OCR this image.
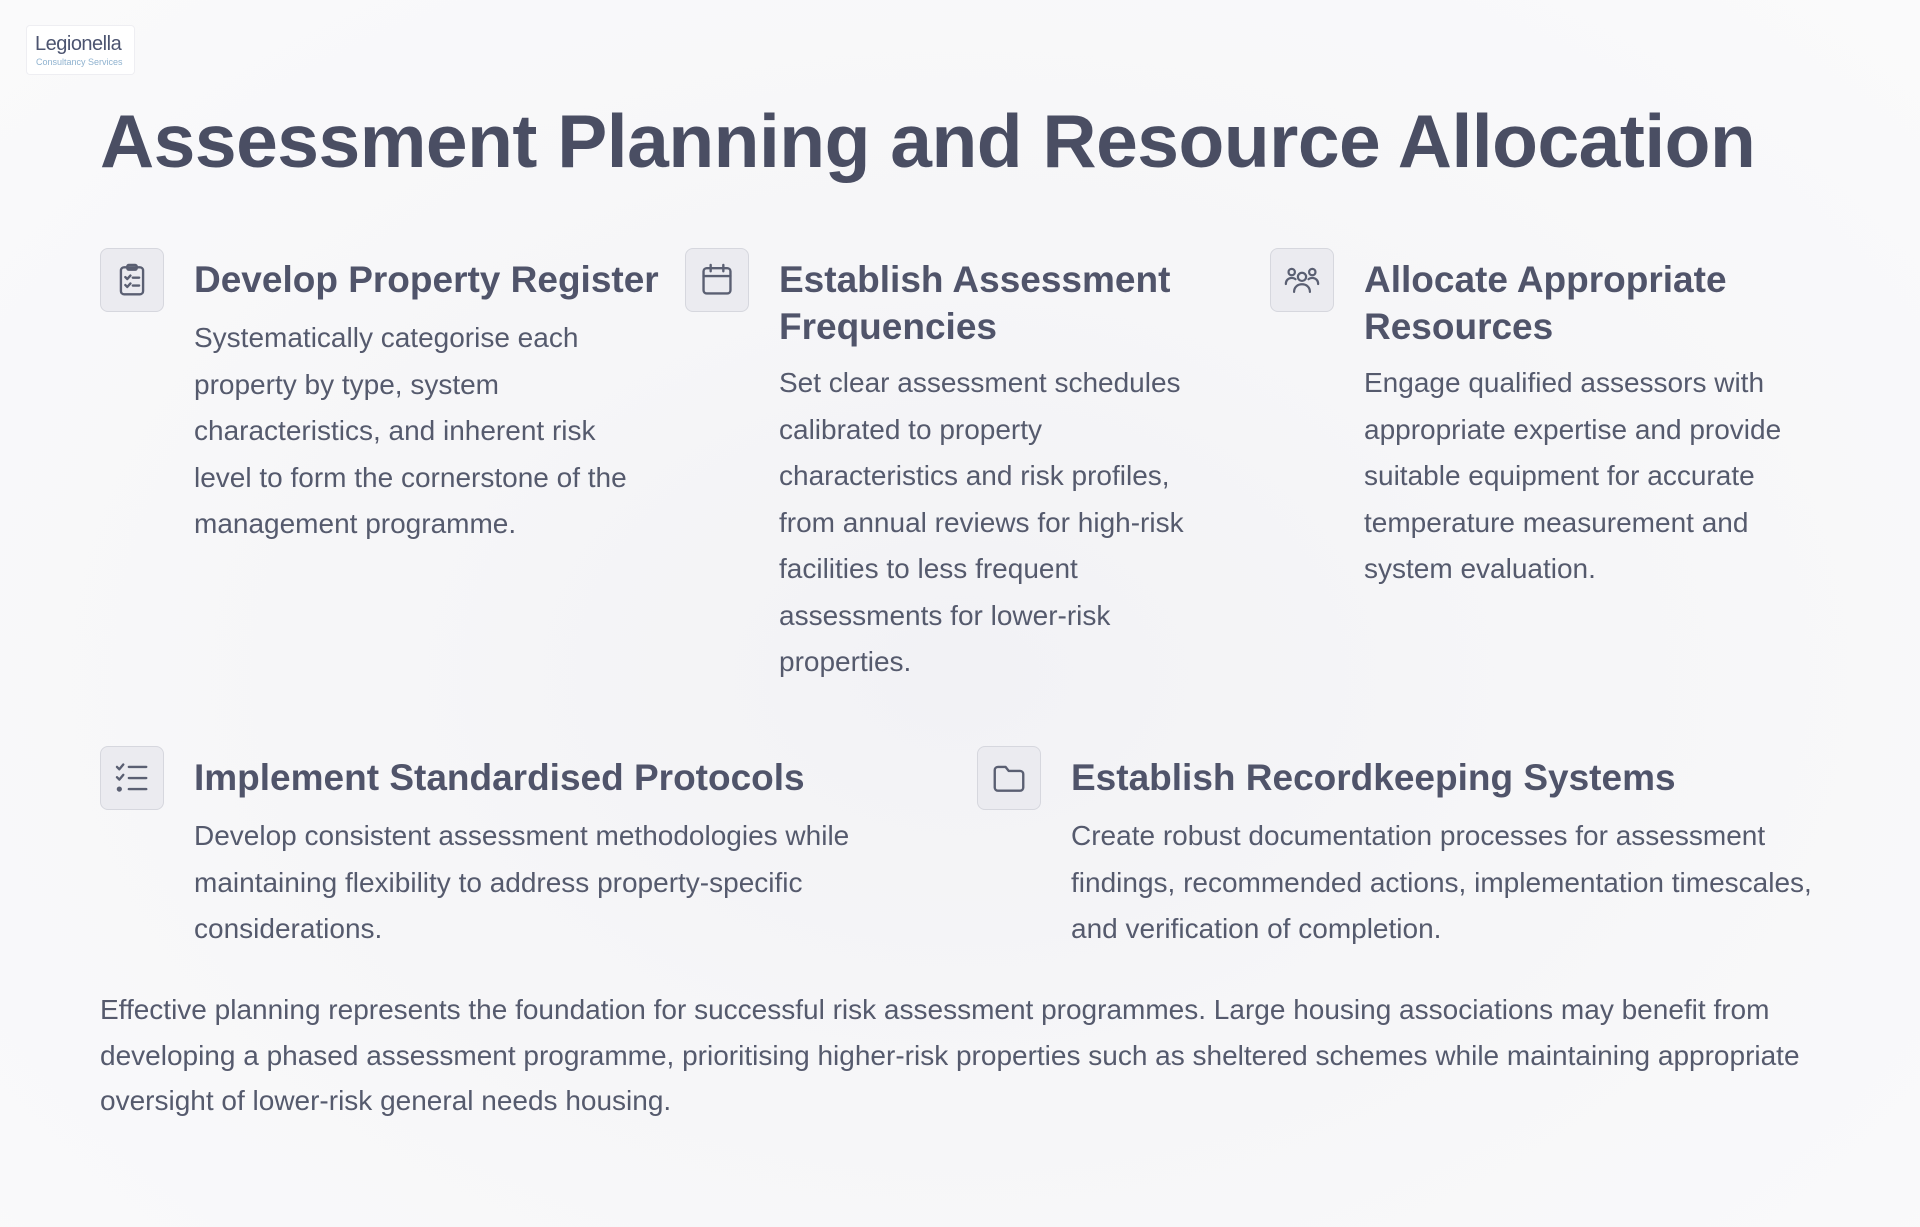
Legionella
Consultancy Services
Assessment Planning and Resource Allocation
Develop Property Register

Systematically categorise each property by type, system characteristics, and inherent risk level to form the cornerstone of the management programme.

Establish Assessment Frequencies

Set clear assessment schedules calibrated to property characteristics and risk profiles, from annual reviews for high-risk facilities to less frequent assessments for lower-risk properties.

Allocate Appropriate Resources

Engage qualified assessors with appropriate expertise and provide suitable equipment for accurate temperature measurement and system evaluation.

Implement Standardised Protocols

Develop consistent assessment methodologies while maintaining flexibility to address property-specific considerations.

Establish Recordkeeping Systems

Create robust documentation processes for assessment findings, recommended actions, implementation timescales, and verification of completion.

Effective planning represents the foundation for successful risk assessment programmes. Large housing associations may benefit from developing a phased assessment programme, prioritising higher-risk properties such as sheltered schemes while maintaining appropriate oversight of lower-risk general needs housing.
